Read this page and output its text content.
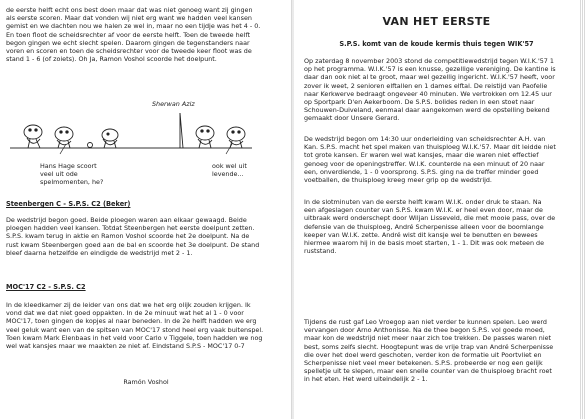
de eerste helft echt ons best doen maar dat was niet genoeg want zij gingen
als eerste scoren. Maar dat vonden wij niet erg want we hadden veel kansen
gemist en we dachten nou we halen ze wel in, maar no een tijdje was het 4 - 0.
En toen floot de scheidsrechter af voor de eerste helft. Toen de tweede helft
begon gingen we echt slecht spelen. Daarom gingen de tegenstanders naar
voren en scoren en toen de scheidsrechter voor de tweede keer floot was de
stand 1 - 6 (of zoiets). Oh Ja, Ramon Voshol scoorde het doelpunt.
Sherwan Aziz
Hans Hage scoort
veel uit ode
spelmomenten, he?
ook wel uit
levende...
Steenbergen C - S.P.S. C2 (Beker)
De wedstrijd begon goed. Beide ploegen waren aan elkaar gewaagd. Beide
ploegen hadden veel kansen. Totdat Steenbergen het eerste doelpunt zetten.
S.P.S. kwam terug in aktie en Ramon Voshol scoorde het 2e doelpunt. Na de
rust kwam Steenbergen goed aan de bal en scoorde het 3e doelpunt. De stand
bleef daarna hetzelfde en eindigde de wedstrijd met 2 - 1.
MOC'17 C2 - S.P.S. C2
In de kleedkamer zij de leider van ons dat we het erg olijk zouden krijgen. Ik
vond dat we dat niet goed oppakten. In de 2e minuut wat het al 1 - 0 voor
MOC'17, toen gingen de kopjes al naar beneden. In de 2e helft hadden we erg
veel geluk want een van de spitsen van MOC'17 stond heel erg vaak buitenspel.
Toen kwam Mark Elenbaas in het veld voor Carlo v Tiggele, toen hadden we nog
wel wat kansjes maar we maakten ze niet af. Eindstand S.P.S - MOC'17 0-7
Ramón Voshol
VAN HET EERSTE
S.P.S. komt van de koude kermis thuis tegen WIK'57
Op zaterdag 8 november 2003 stond de competitiewedstrijd tegen W.I.K.'57 1
op het programma. W.I.K.'57 is een knusse, gezellige vereniging. De kantine is
daar dan ook niet al te groot, maar wel gezellig ingericht. W.I.K.'57 heeft, voor
zover ik weet, 2 senioren elftallen en 1 dames elftal. De reistijd van Paofelie
naar Kerkwerve bedraagt ongeveer 40 minuten. We vertrokken om 12.45 uur
op Sportpark D'en Aekerboom. De S.P.S. bolides reden in een stoet naar
Schouwen-Duiveland, eenmaal daar aangekomen werd de opstelling bekend
gemaakt door Unsere Gerard.
De wedstrijd begon om 14:30 uur onderleiding van scheidsrechter A.H. van
Kan. S.P.S. macht het spel maken van thuisploeg W.I.K.'57. Maar dit leidde niet
tot grote kansen. Er waren wel wat kansjes, maar die waren niet effectief
genoeg voor de openingstreffer. W.I.K. counterde na een minuut of 20 naar
een, onverdiende, 1 - 0 voorsprong. S.P.S. ging na de treffer minder goed
voetballen, de thuisploeg kreeg meer grip op de wedstrijd.
In de slotminuten van de eerste helft kwam W.I.K. onder druk te staan. Na
een afgeslagen counter van S.P.S. kwam W.I.K. er heel even door, maar de
uitbraak werd onderschept door Wiljan Lisseveld, die met mooie pass, over de
defensie van de thuisploeg, André Scherpenisse alleen voor de boomlange
keeper van W.I.K. zette. André wist dit kansje wel te benutten en bewees
hiermee waarom hij in de basis moet starten, 1 - 1. Dit was ook meteen de
ruststand.
Tijdens de rust gaf Leo Vroegop aan niet verder te kunnen spelen. Leo werd
vervangen door Arno Anthonisse. Na de thee begon S.P.S. vol goede moed,
maar kon de wedstrijd niet meer naar zich toe trekken. De passes waren niet
best, soms zelfs slecht. Hoogtepunt was de vrije trap van André Scherpenisse
die over het doel werd geschoten, verder kon de formatie uit Poortvliet en
Scherpenisse niet veel meer betekenen. S.P.S. probeerde er nog een gelijk
spelletje uit te slepen, maar een snelle counter van de thuisploeg bracht roet
in het eten. Het werd uiteindelijk 2 - 1.
